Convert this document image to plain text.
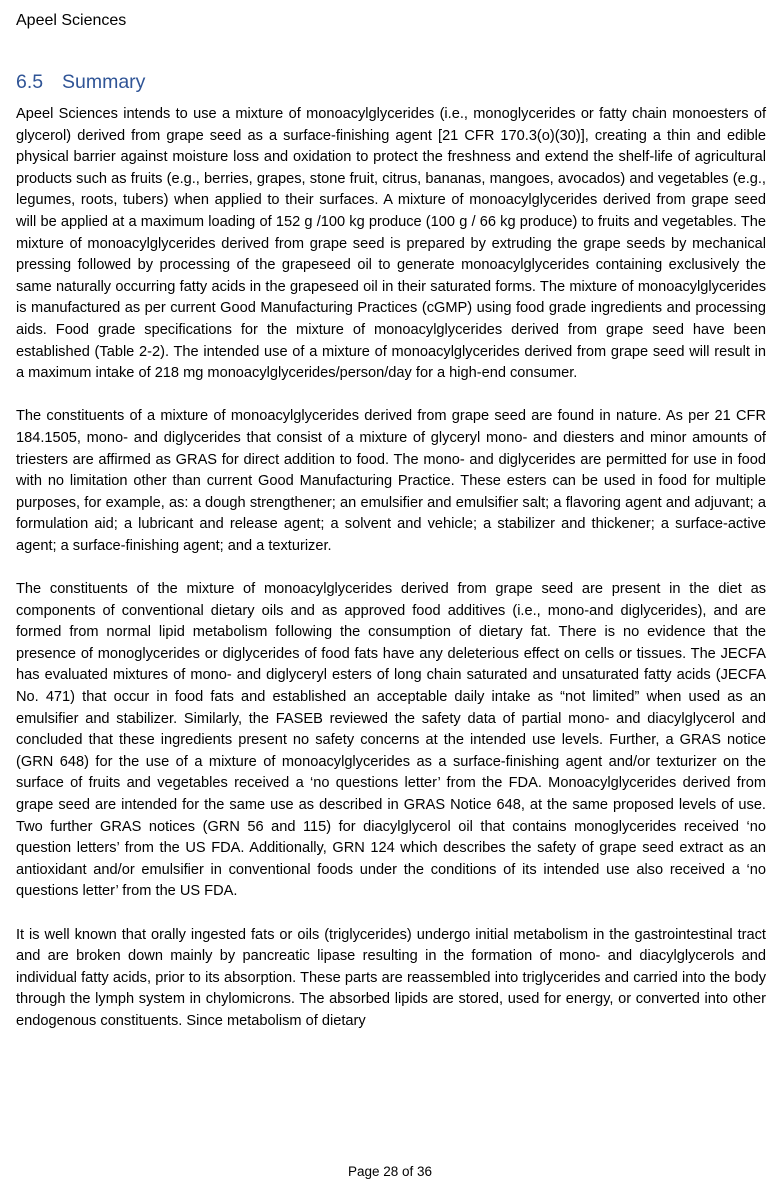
Apeel Sciences
6.5 Summary

Apeel Sciences intends to use a mixture of monoacylglycerides (i.e., monoglycerides or fatty chain monoesters of glycerol) derived from grape seed as a surface-finishing agent [21 CFR 170.3(o)(30)], creating a thin and edible physical barrier against moisture loss and oxidation to protect the freshness and extend the shelf-life of agricultural products such as fruits (e.g., berries, grapes, stone fruit, citrus, bananas, mangoes, avocados) and vegetables (e.g., legumes, roots, tubers) when applied to their surfaces. A mixture of monoacylglycerides derived from grape seed will be applied at a maximum loading of 152 g /100 kg produce (100 g / 66 kg produce) to fruits and vegetables. The mixture of monoacylglycerides derived from grape seed is prepared by extruding the grape seeds by mechanical pressing followed by processing of the grapeseed oil to generate monoacylglycerides containing exclusively the same naturally occurring fatty acids in the grapeseed oil in their saturated forms. The mixture of monoacylglycerides is manufactured as per current Good Manufacturing Practices (cGMP) using food grade ingredients and processing aids. Food grade specifications for the mixture of monoacylglycerides derived from grape seed have been established (Table 2-2). The intended use of a mixture of monoacylglycerides derived from grape seed will result in a maximum intake of 218 mg monoacylglycerides/person/day for a high-end consumer.

The constituents of a mixture of monoacylglycerides derived from grape seed are found in nature. As per 21 CFR 184.1505, mono- and diglycerides that consist of a mixture of glyceryl mono- and diesters and minor amounts of triesters are affirmed as GRAS for direct addition to food. The mono- and diglycerides are permitted for use in food with no limitation other than current Good Manufacturing Practice. These esters can be used in food for multiple purposes, for example, as: a dough strengthener; an emulsifier and emulsifier salt; a flavoring agent and adjuvant; a formulation aid; a lubricant and release agent; a solvent and vehicle; a stabilizer and thickener; a surface-active agent; a surface-finishing agent; and a texturizer.

The constituents of the mixture of monoacylglycerides derived from grape seed are present in the diet as components of conventional dietary oils and as approved food additives (i.e., mono-and diglycerides), and are formed from normal lipid metabolism following the consumption of dietary fat. There is no evidence that the presence of monoglycerides or diglycerides of food fats have any deleterious effect on cells or tissues. The JECFA has evaluated mixtures of mono- and diglyceryl esters of long chain saturated and unsaturated fatty acids (JECFA No. 471) that occur in food fats and established an acceptable daily intake as “not limited” when used as an emulsifier and stabilizer. Similarly, the FASEB reviewed the safety data of partial mono- and diacylglycerol and concluded that these ingredients present no safety concerns at the intended use levels. Further, a GRAS notice (GRN 648) for the use of a mixture of monoacylglycerides as a surface-finishing agent and/or texturizer on the surface of fruits and vegetables received a ‘no questions letter’ from the FDA. Monoacylglycerides derived from grape seed are intended for the same use as described in GRAS Notice 648, at the same proposed levels of use. Two further GRAS notices (GRN 56 and 115) for diacylglycerol oil that contains monoglycerides received ‘no question letters’ from the US FDA. Additionally, GRN 124 which describes the safety of grape seed extract as an antioxidant and/or emulsifier in conventional foods under the conditions of its intended use also received a ‘no questions letter’ from the US FDA.

It is well known that orally ingested fats or oils (triglycerides) undergo initial metabolism in the gastrointestinal tract and are broken down mainly by pancreatic lipase resulting in the formation of mono- and diacylglycerols and individual fatty acids, prior to its absorption. These parts are reassembled into triglycerides and carried into the body through the lymph system in chylomicrons. The absorbed lipids are stored, used for energy, or converted into other endogenous constituents. Since metabolism of dietary

Page 28 of 36
